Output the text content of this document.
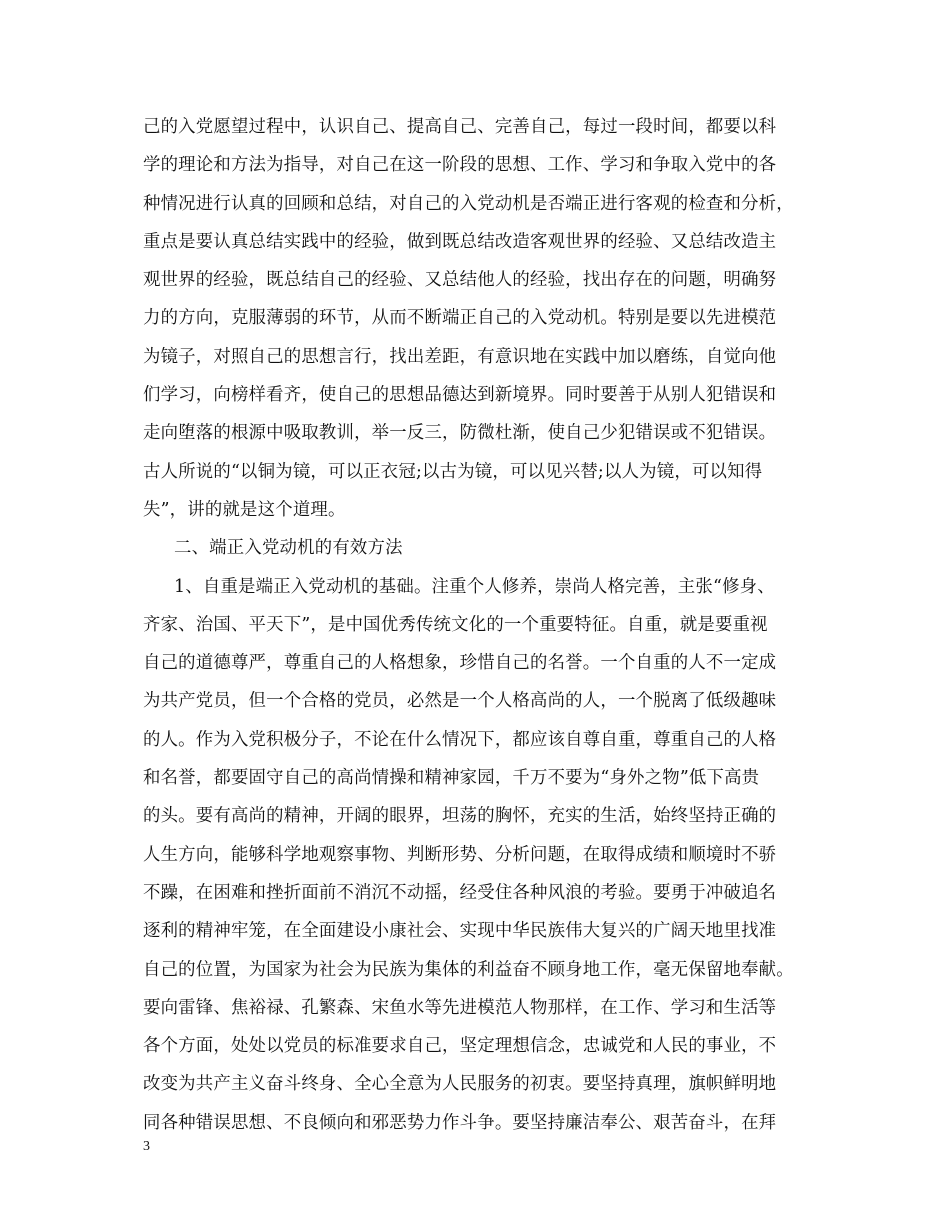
己的入党愿望过程中，认识自己、提高自己、完善自己，每过一段时间，都要以科
学的理论和方法为指导，对自己在这一阶段的思想、工作、学习和争取入党中的各
种情况进行认真的回顾和总结，对自己的入党动机是否端正进行客观的检查和分析，
重点是要认真总结实践中的经验，做到既总结改造客观世界的经验、又总结改造主
观世界的经验，既总结自己的经验、又总结他人的经验，找出存在的问题，明确努
力的方向，克服薄弱的环节，从而不断端正自己的入党动机。特别是要以先进模范
为镜子，对照自己的思想言行，找出差距，有意识地在实践中加以磨练，自觉向他
们学习，向榜样看齐，使自己的思想品德达到新境界。同时要善于从别人犯错误和
走向堕落的根源中吸取教训，举一反三，防微杜渐，使自己少犯错误或不犯错误。
古人所说的“以铜为镜，可以正衣冠;以古为镜，可以见兴替;以人为镜，可以知得
失”，讲的就是这个道理。
二、端正入党动机的有效方法
1、自重是端正入党动机的基础。注重个人修养，崇尚人格完善，主张“修身、
齐家、治国、平天下”，是中国优秀传统文化的一个重要特征。自重，就是要重视
自己的道德尊严，尊重自己的人格想象，珍惜自己的名誉。一个自重的人不一定成
为共产党员，但一个合格的党员，必然是一个人格高尚的人，一个脱离了低级趣味
的人。作为入党积极分子，不论在什么情况下，都应该自尊自重，尊重自己的人格
和名誉，都要固守自己的高尚情操和精神家园，千万不要为“身外之物”低下高贵
的头。要有高尚的精神，开阔的眼界，坦荡的胸怀，充实的生活，始终坚持正确的
人生方向，能够科学地观察事物、判断形势、分析问题，在取得成绩和顺境时不骄
不躁，在困难和挫折面前不消沉不动摇，经受住各种风浪的考验。要勇于冲破追名
逐利的精神牢笼，在全面建设小康社会、实现中华民族伟大复兴的广阔天地里找准
自己的位置，为国家为社会为民族为集体的利益奋不顾身地工作，毫无保留地奉献。
要向雷锋、焦裕禄、孔繁森、宋鱼水等先进模范人物那样，在工作、学习和生活等
各个方面，处处以党员的标准要求自己，坚定理想信念，忠诚党和人民的事业，不
改变为共产主义奋斗终身、全心全意为人民服务的初衷。要坚持真理，旗帜鲜明地
同各种错误思想、不良倾向和邪恶势力作斗争。要坚持廉洁奉公、艰苦奋斗，在拜
3
